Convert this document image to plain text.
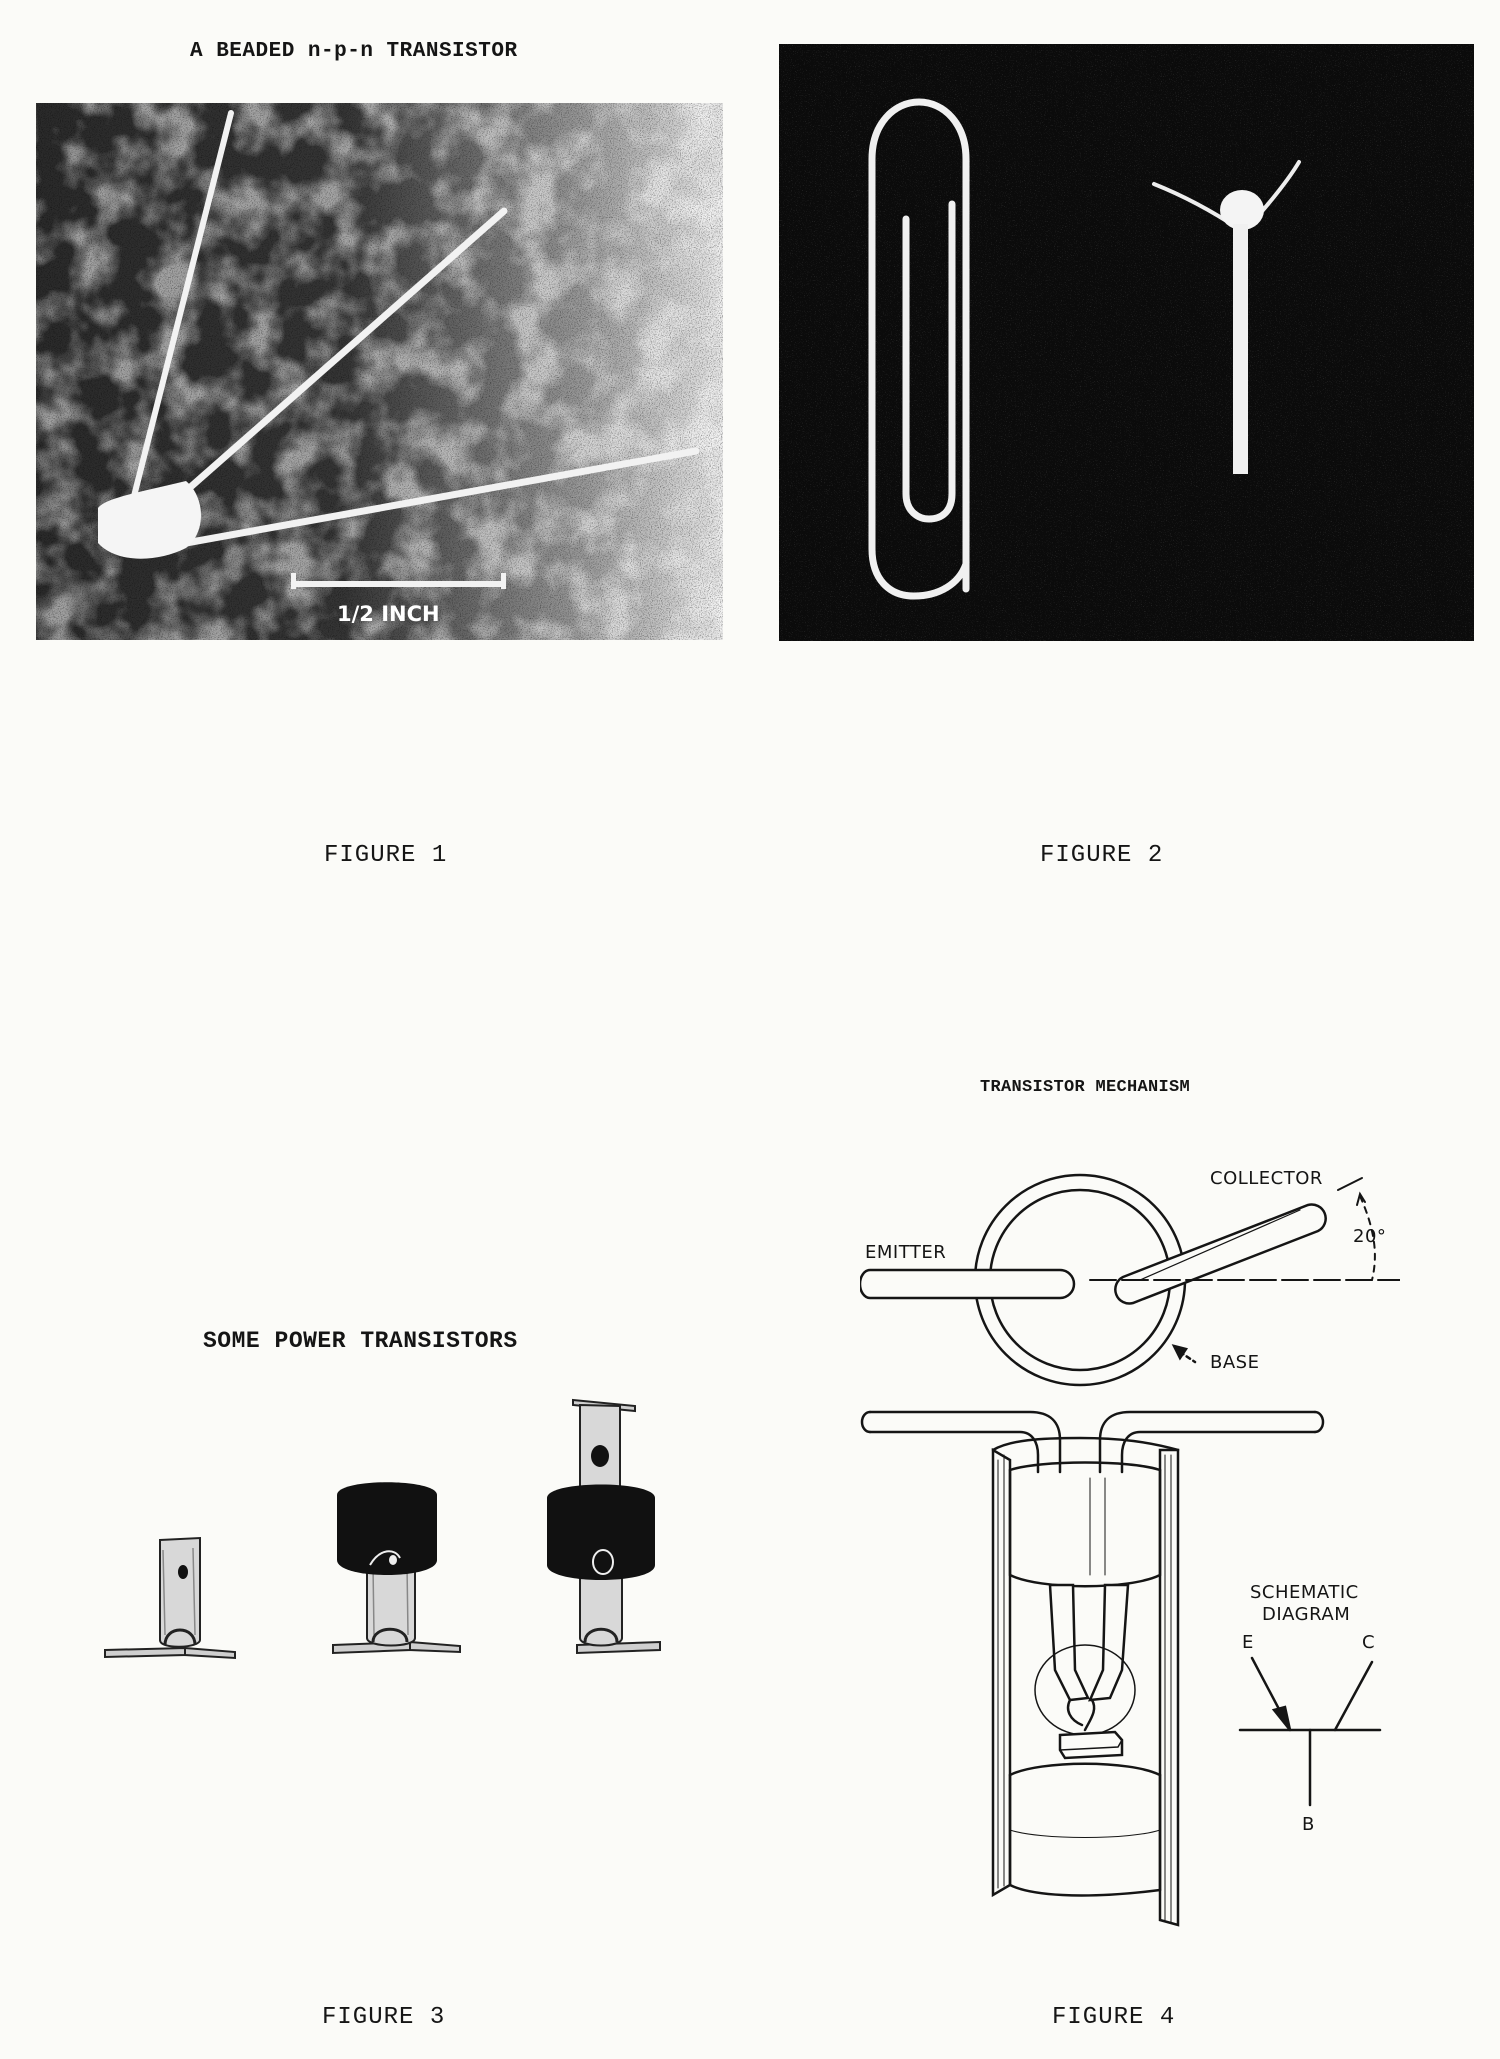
A BEADED n-p-n TRANSISTOR
1/2 INCH
FIGURE 1	FIGURE 2
SOME POWER TRANSISTORS
FIGURE 3
TRANSISTOR MECHANISM
COLLECTOR
EMITTER
BASE
20°
SCHEMATIC
DIAGRAM
E	C
B
FIGURE 4
